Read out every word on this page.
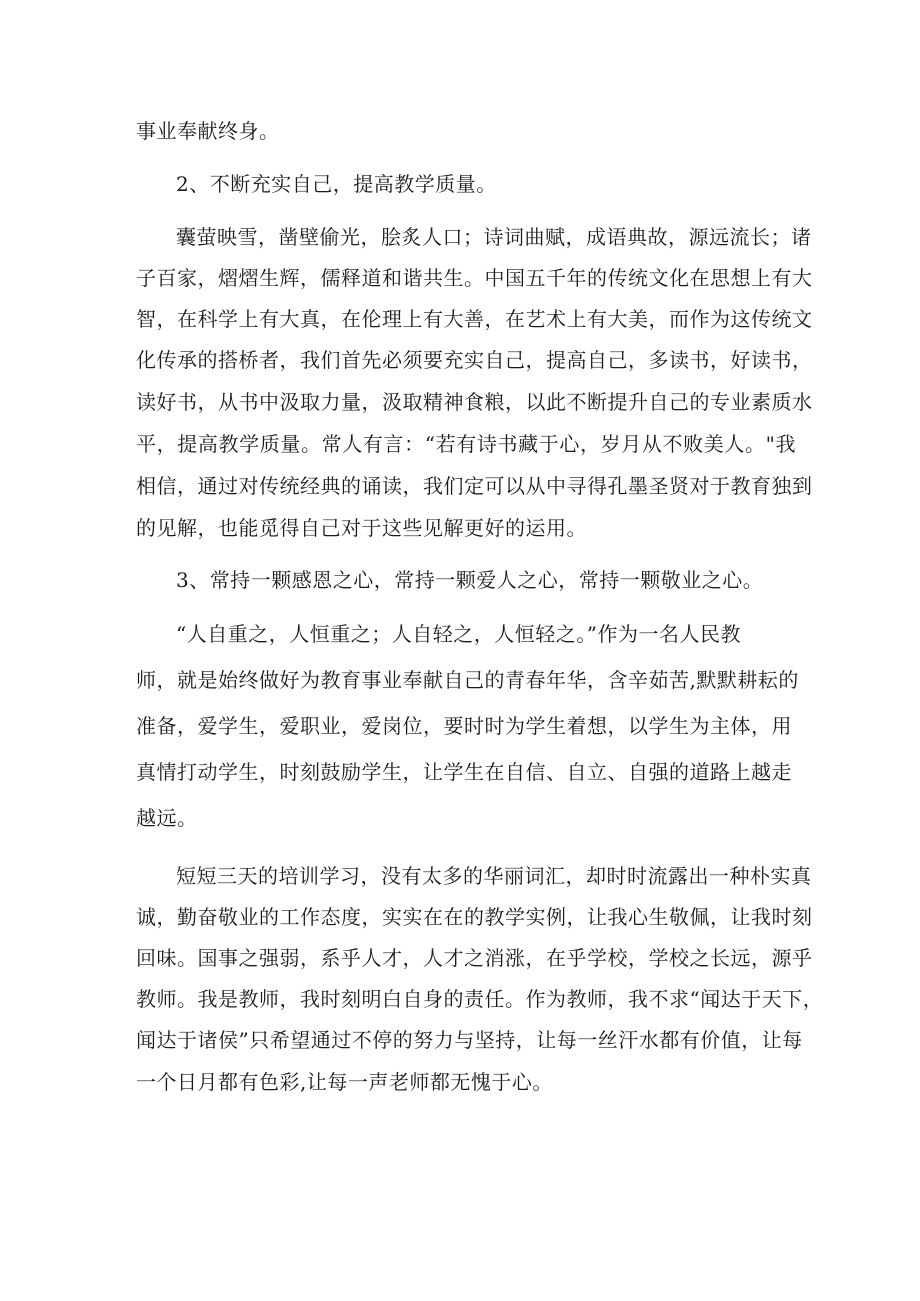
事业奉献终身。
2、不断充实自己，提高教学质量。
囊萤映雪，凿壁偷光，脍炙人口；诗词曲赋，成语典故，源远流长；诸
子百家，熠熠生辉，儒释道和谐共生。中国五千年的传统文化在思想上有大
智，在科学上有大真，在伦理上有大善，在艺术上有大美，而作为这传统文
化传承的搭桥者，我们首先必须要充实自己，提高自己，多读书，好读书，
读好书，从书中汲取力量，汲取精神食粮，以此不断提升自己的专业素质水
平，提高教学质量。常人有言：“若有诗书藏于心，岁月从不败美人。"我
相信，通过对传统经典的诵读，我们定可以从中寻得孔墨圣贤对于教育独到
的见解，也能觅得自己对于这些见解更好的运用。
3、常持一颗感恩之心，常持一颗爱人之心，常持一颗敬业之心。
“人自重之，人恒重之；人自轻之，人恒轻之。”作为一名人民教
师，就是始终做好为教育事业奉献自己的青春年华，含辛茹苦,默默耕耘的
准备，爱学生，爱职业，爱岗位，要时时为学生着想，以学生为主体，用
真情打动学生，时刻鼓励学生，让学生在自信、自立、自强的道路上越走
越远。
短短三天的培训学习，没有太多的华丽词汇，却时时流露出一种朴实真
诚，勤奋敬业的工作态度，实实在在的教学实例，让我心生敬佩，让我时刻
回味。国事之强弱，系乎人才，人才之消涨，在乎学校，学校之长远，源乎
教师。我是教师，我时刻明白自身的责任。作为教师，我不求“闻达于天下，
闻达于诸侯”只希望通过不停的努力与坚持，让每一丝汗水都有价值，让每
一个日月都有色彩,让每一声老师都无愧于心。
